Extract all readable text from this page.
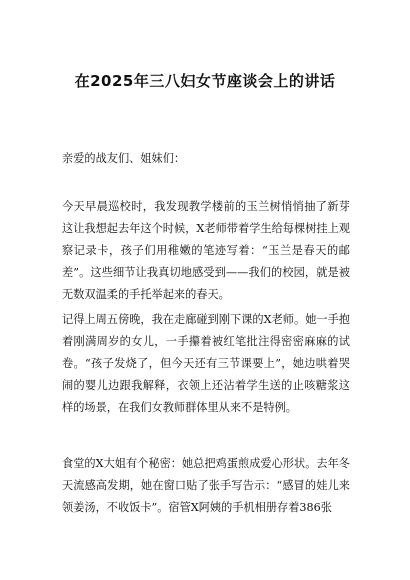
在2025年三八妇女节座谈会上的讲话
亲爱的战友们、姐妹们：
今天早晨巡校时，我发现教学楼前的玉兰树悄悄抽了新芽这让我想起去年这个时候，X老师带着学生给每棵树挂上观察记录卡，孩子们用稚嫩的笔迹写着：“玉兰是春天的邮差”。这些细节让我真切地感受到——我们的校园，就是被无数双温柔的手托举起来的春天。
记得上周五傍晚，我在走廊碰到刚下课的X老师。她一手抱着刚满周岁的女儿，一手攥着被红笔批注得密密麻麻的试卷。“孩子发烧了，但今天还有三节课要上”，她边哄着哭闹的婴儿边跟我解释，衣领上还沾着学生送的止咳糖浆这样的场景，在我们女教师群体里从来不是特例。
食堂的X大姐有个秘密：她总把鸡蛋煎成爱心形状。去年冬天流感高发期，她在窗口贴了张手写告示：“感冒的娃儿来领姜汤，不收饭卡”。宿管X阿姨的手机相册存着386张
